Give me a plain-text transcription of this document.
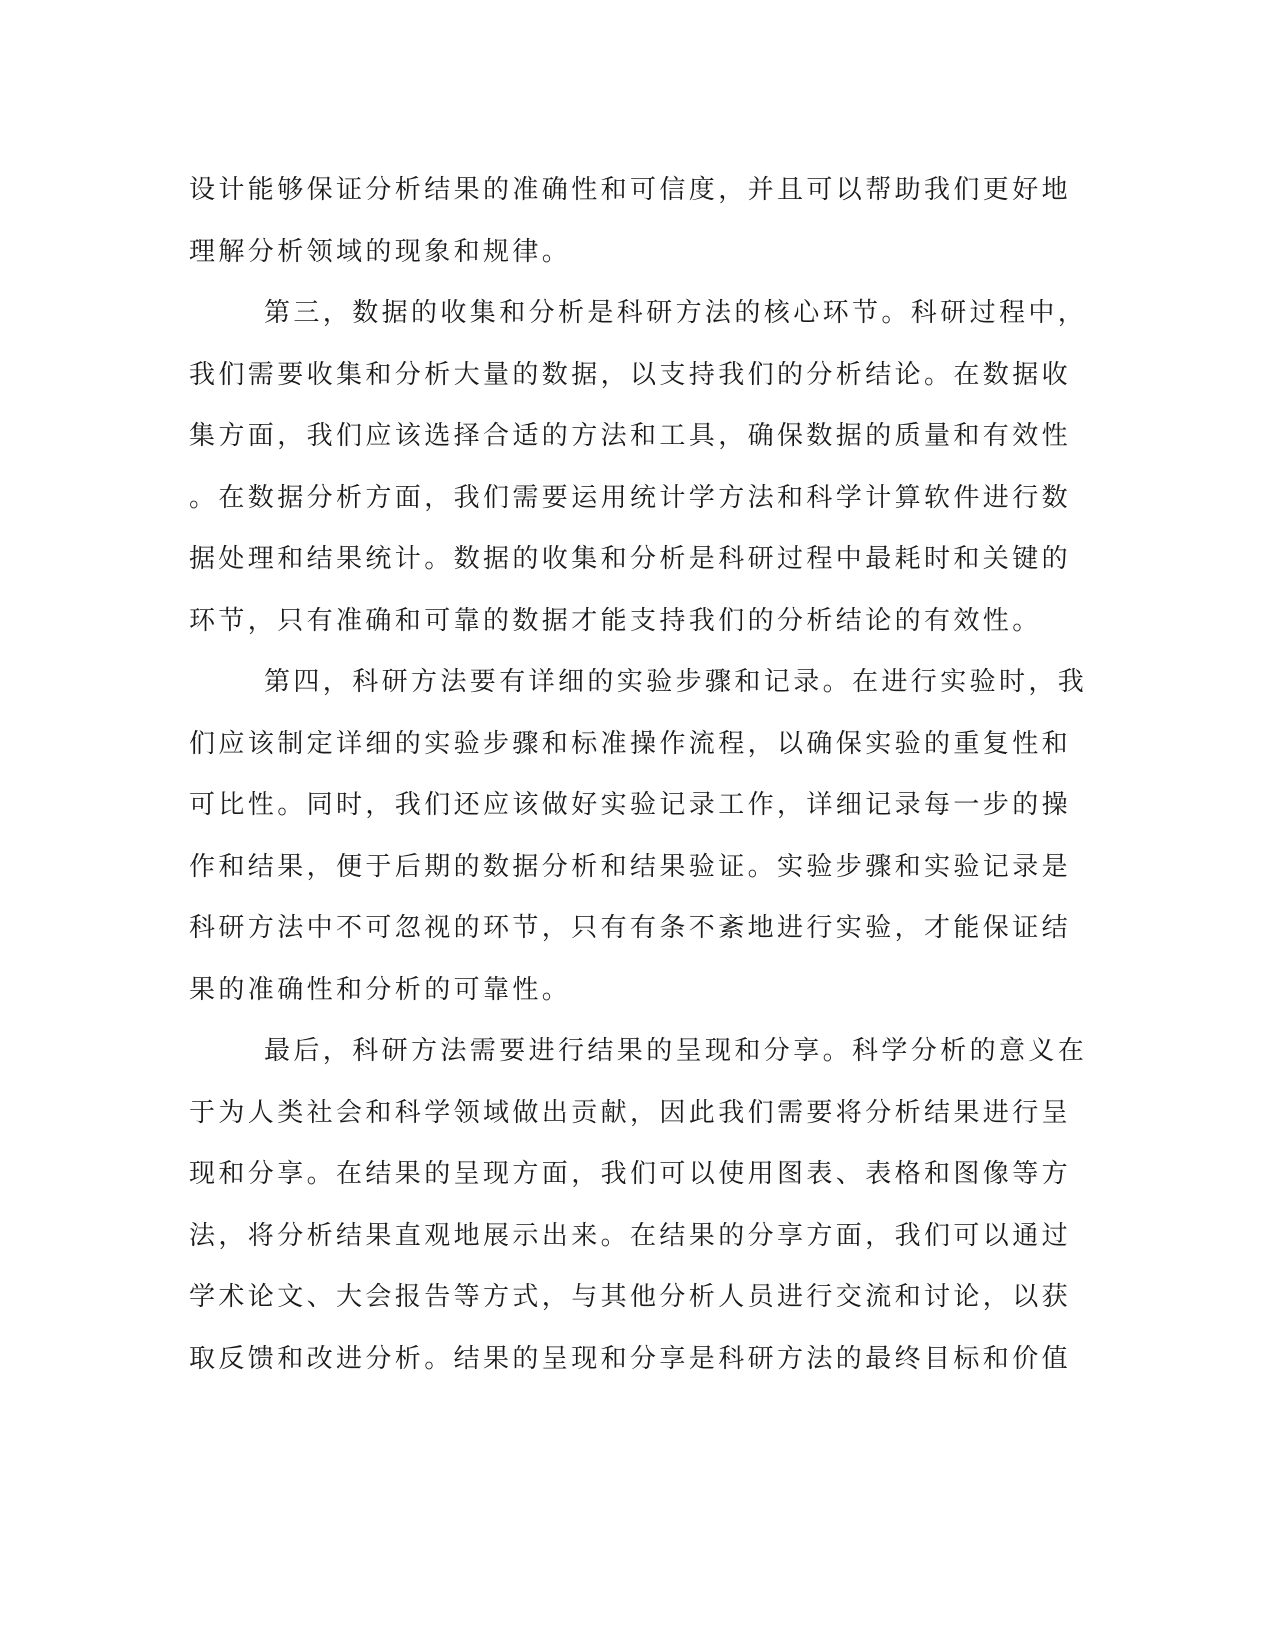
设计能够保证分析结果的准确性和可信度，并且可以帮助我们更好地
理解分析领域的现象和规律。
第三，数据的收集和分析是科研方法的核心环节。科研过程中，
我们需要收集和分析大量的数据，以支持我们的分析结论。在数据收
集方面，我们应该选择合适的方法和工具，确保数据的质量和有效性
。在数据分析方面，我们需要运用统计学方法和科学计算软件进行数
据处理和结果统计。数据的收集和分析是科研过程中最耗时和关键的
环节，只有准确和可靠的数据才能支持我们的分析结论的有效性。
第四，科研方法要有详细的实验步骤和记录。在进行实验时，我
们应该制定详细的实验步骤和标准操作流程，以确保实验的重复性和
可比性。同时，我们还应该做好实验记录工作，详细记录每一步的操
作和结果，便于后期的数据分析和结果验证。实验步骤和实验记录是
科研方法中不可忽视的环节，只有有条不紊地进行实验，才能保证结
果的准确性和分析的可靠性。
最后，科研方法需要进行结果的呈现和分享。科学分析的意义在
于为人类社会和科学领域做出贡献，因此我们需要将分析结果进行呈
现和分享。在结果的呈现方面，我们可以使用图表、表格和图像等方
法，将分析结果直观地展示出来。在结果的分享方面，我们可以通过
学术论文、大会报告等方式，与其他分析人员进行交流和讨论，以获
取反馈和改进分析。结果的呈现和分享是科研方法的最终目标和价值
